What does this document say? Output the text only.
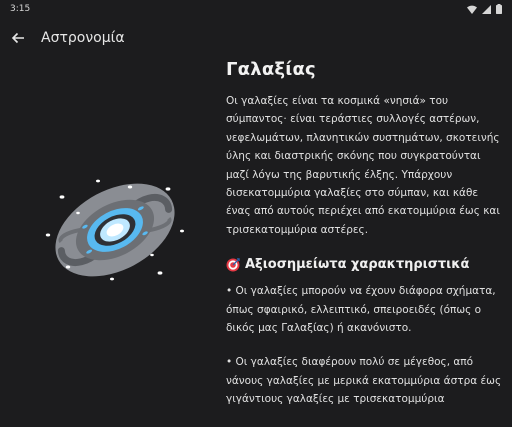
3:15
Αστρονομία
Γαλαξίας
Οι γαλαξίες είναι τα κοσμικά «νησιά» του σύμπαντος· είναι τεράστιες συλλογές αστέρων, νεφελωμάτων, πλανητικών συστημάτων, σκοτεινής ύλης και διαστρικής σκόνης που συγκρατούνται μαζί λόγω της βαρυτικής έλξης. Υπάρχουν δισεκατομμύρια γαλαξίες στο σύμπαν, και κάθε ένας από αυτούς περιέχει από εκατομμύρια έως και τρισεκατομμύρια αστέρες.
Αξιοσημείωτα χαρακτηριστικά
• Οι γαλαξίες μπορούν να έχουν διάφορα σχήματα, όπως σφαιρικό, ελλειπτικό, σπειροειδές (όπως ο δικός μας Γαλαξίας) ή ακανόνιστο.
• Οι γαλαξίες διαφέρουν πολύ σε μέγεθος, από νάνους γαλαξίες με μερικά εκατομμύρια άστρα έως γιγάντιους γαλαξίες με τρισεκατομμύρια
